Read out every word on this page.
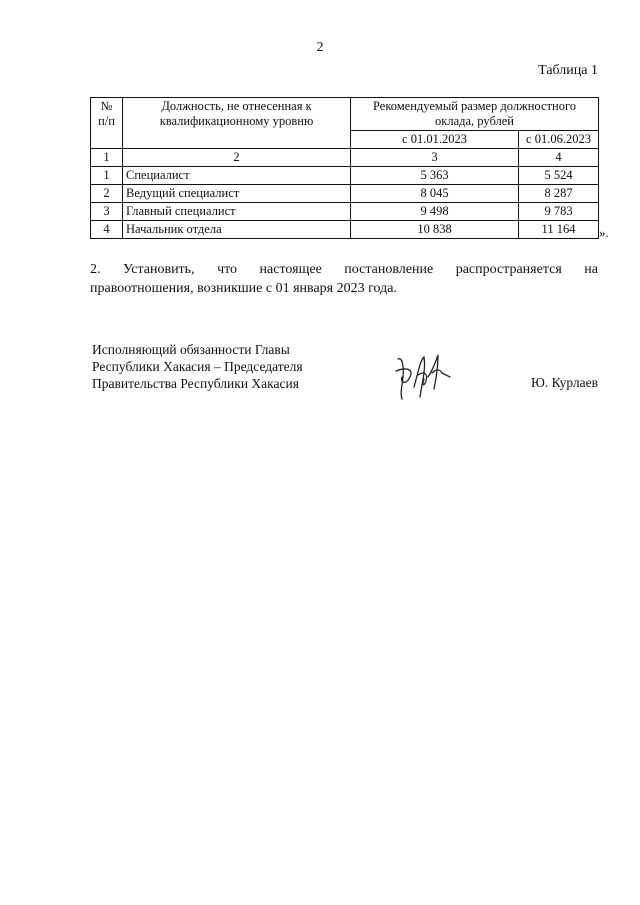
2
Таблица 1
№ п/п	Должность, не отнесенная к квалификационному уровню	Рекомендуемый размер должностного оклада, рублей	
		с 01.01.2023	с 01.06.2023
1	2	3	4
1	Специалист	5 363	5 524
2	Ведущий специалист	8 045	8 287
3	Главный специалист	9 498	9 783
4	Начальник отдела	10 838	11 164 ».
2. Установить, что настоящее постановление распространяется на
правоотношения, возникшие с 01 января 2023 года.
Исполняющий обязанности Главы
Республики Хакасия – Председателя
Правительства Республики Хакасия	Ю. Курлаев
